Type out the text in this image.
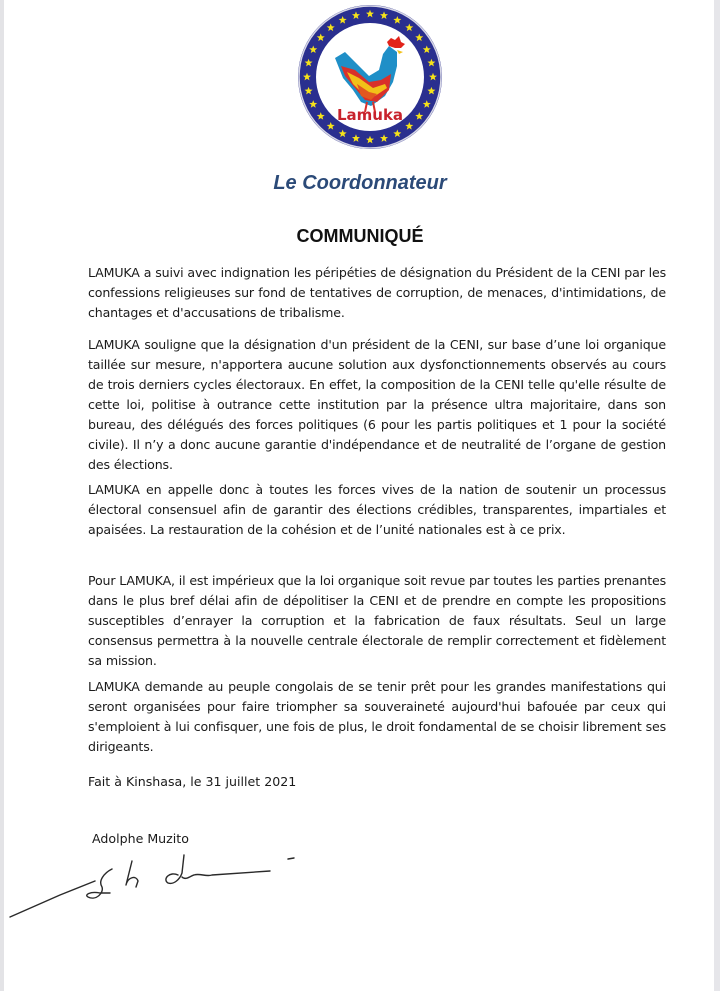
Lamuka
Le Coordonnateur
COMMUNIQUÉ
LAMUKA a suivi avec indignation les péripéties de désignation du Président de la CENI par les confessions religieuses sur fond de tentatives de corruption, de menaces, d'intimidations, de chantages et d'accusations de tribalisme.
LAMUKA souligne que la désignation d'un président de la CENI, sur base d’une loi organique taillée sur mesure, n'apportera aucune solution aux dysfonctionnements observés au cours de trois derniers cycles électoraux. En effet, la composition de la CENI telle qu'elle résulte de cette loi, politise à outrance cette institution par la présence ultra majoritaire, dans son bureau, des délégués des forces politiques (6 pour les partis politiques et 1 pour la société civile). Il n’y a donc aucune garantie d'indépendance et de neutralité de l’organe de gestion des élections.
LAMUKA en appelle donc à toutes les forces vives de la nation de soutenir un processus électoral consensuel afin de garantir des élections crédibles, transparentes, impartiales et apaisées. La restauration de la cohésion et de l’unité nationales est à ce prix.
Pour LAMUKA, il est impérieux que la loi organique soit revue par toutes les parties prenantes dans le plus bref délai afin de dépolitiser la CENI et de prendre en compte les propositions susceptibles d’enrayer la corruption et la fabrication de faux résultats. Seul un large consensus permettra à la nouvelle centrale électorale de remplir correctement et fidèlement sa mission.
LAMUKA demande au peuple congolais de se tenir prêt pour les grandes manifestations qui seront organisées pour faire triompher sa souveraineté aujourd'hui bafouée par ceux qui s'emploient à lui confisquer, une fois de plus, le droit fondamental de se choisir librement ses dirigeants.
Fait à Kinshasa, le 31 juillet 2021
Adolphe Muzito
